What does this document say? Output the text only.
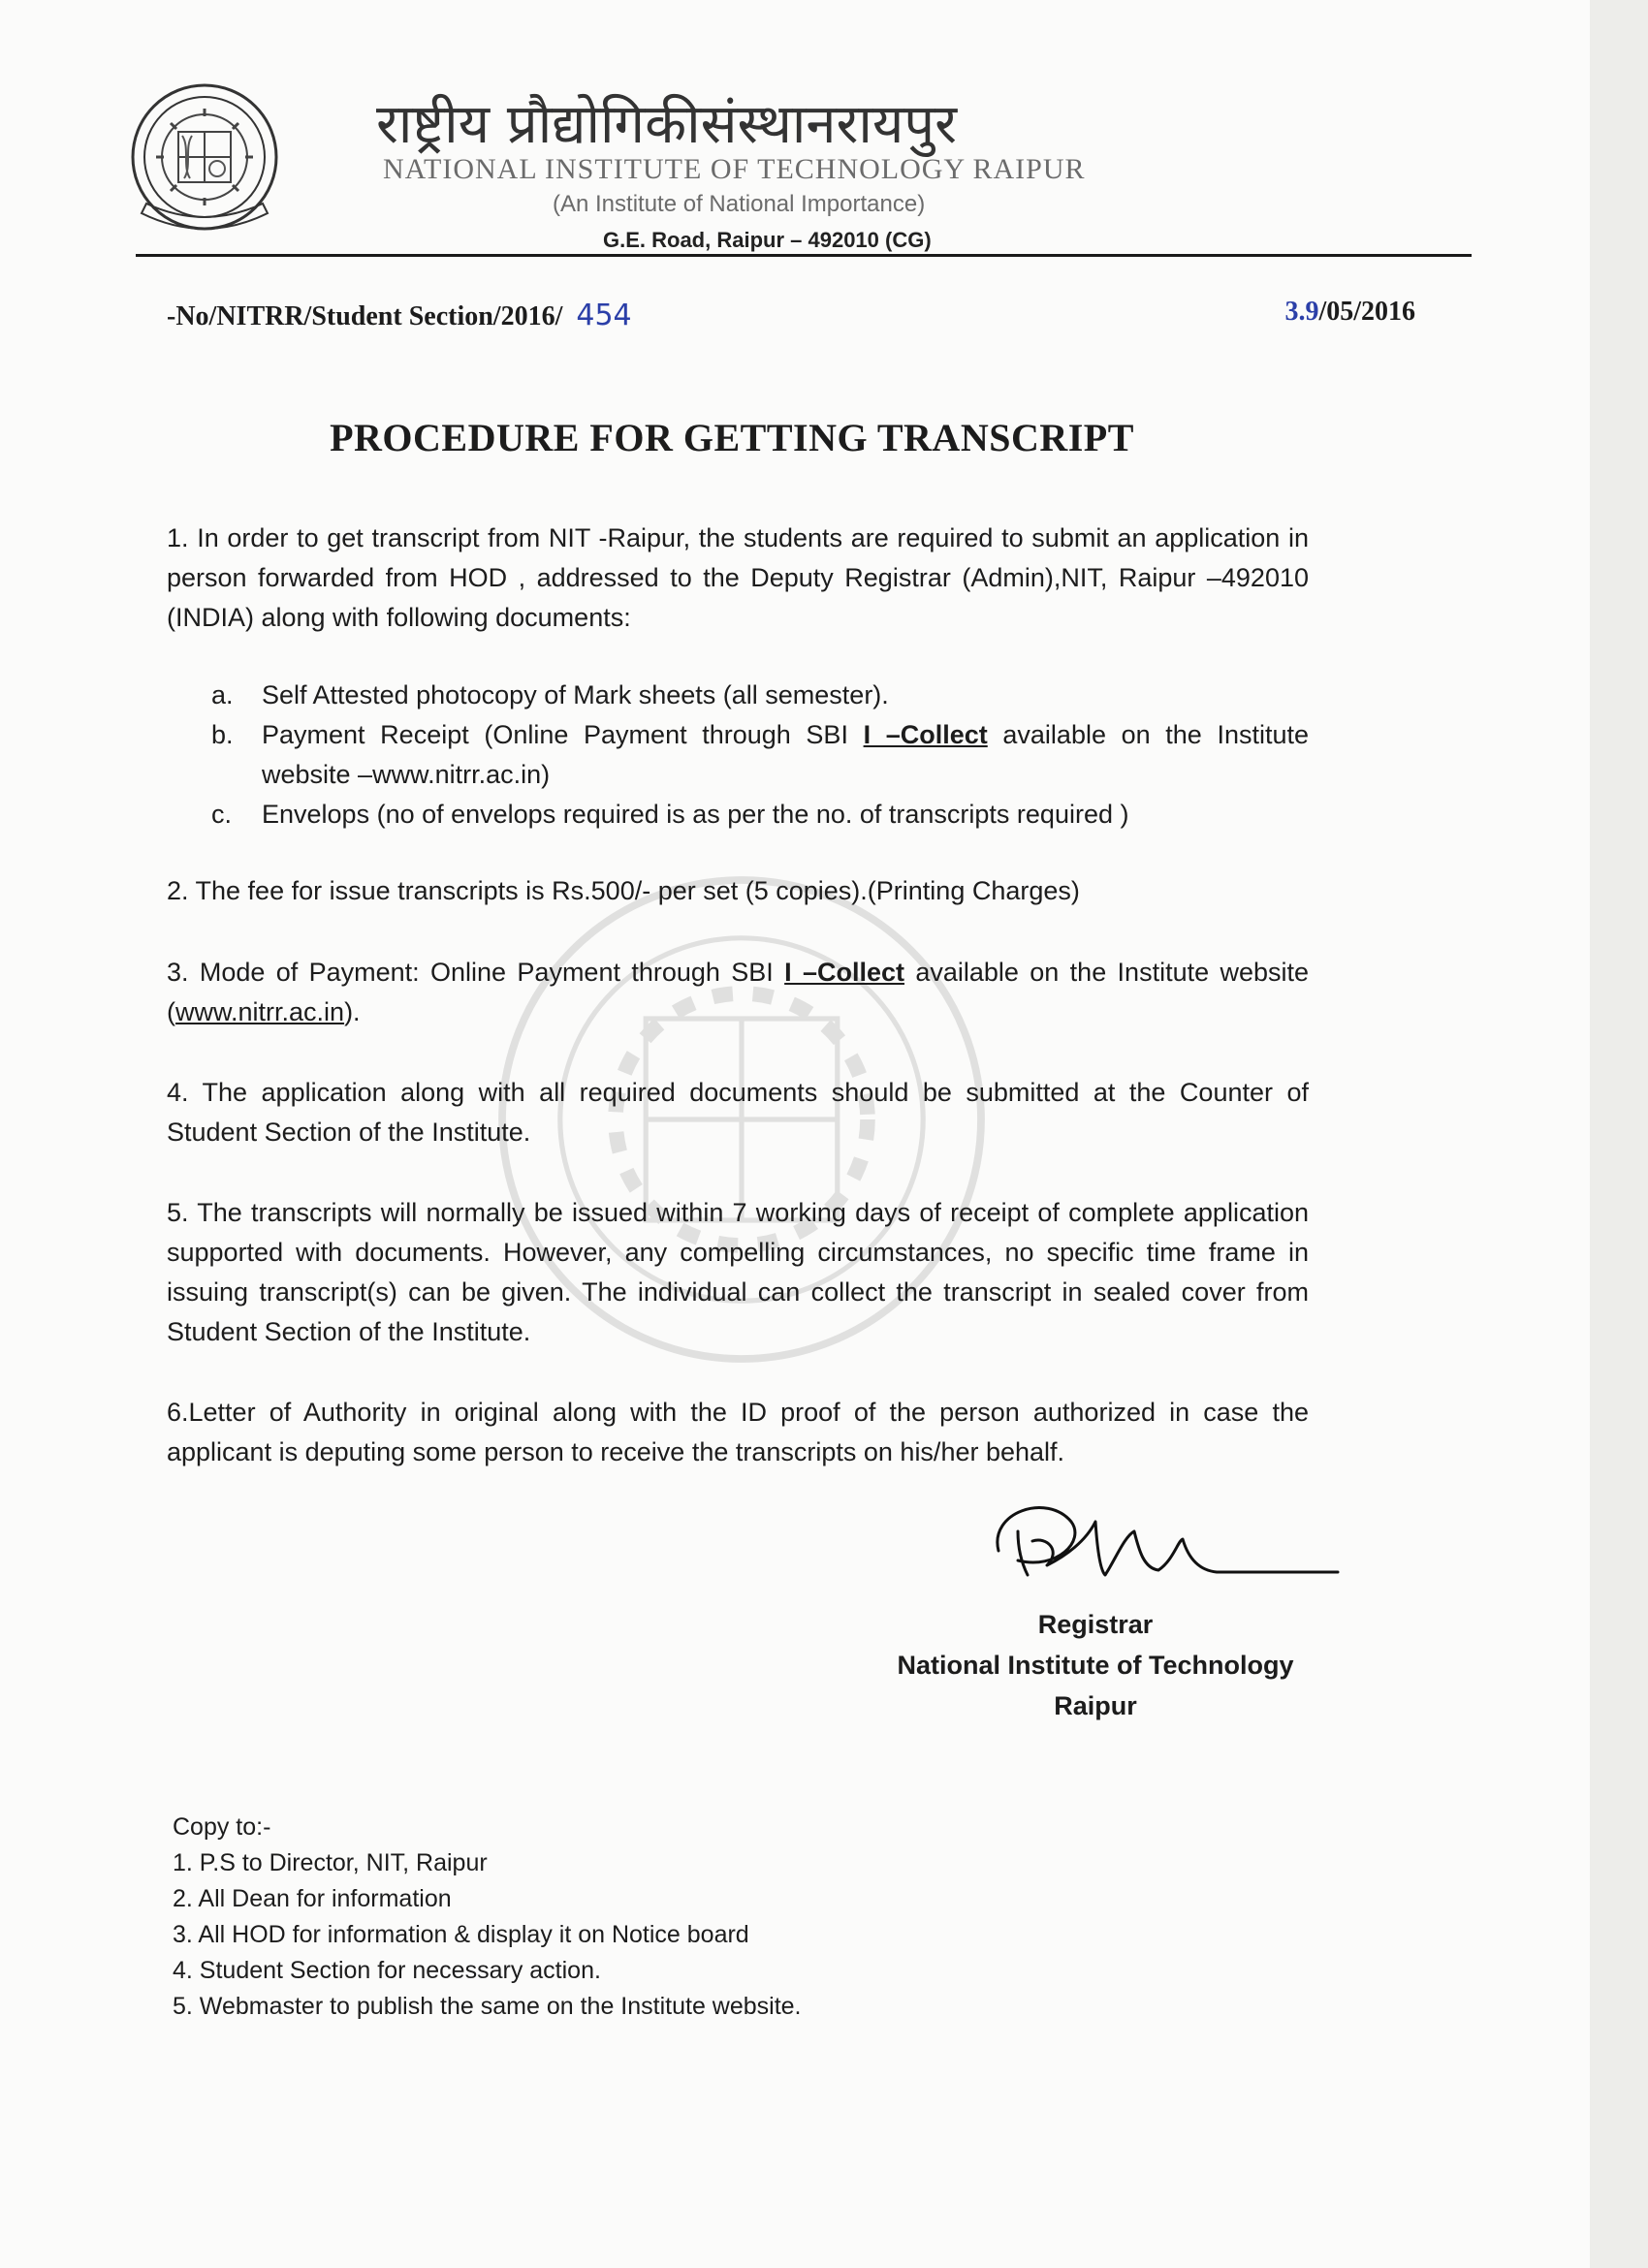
राष्ट्रीय प्रौद्योगिकीसंस्थानरायपुर
NATIONAL INSTITUTE OF TECHNOLOGY RAIPUR
(An Institute of National Importance)
G.E. Road, Raipur – 492010 (CG)
-No/NITRR/Student Section/2016/ 454	3.9/05/2016
PROCEDURE FOR GETTING TRANSCRIPT

1. In order to get transcript from NIT -Raipur, the students are required to submit an application in person forwarded from HOD , addressed to the Deputy Registrar (Admin),NIT, Raipur –492010 (INDIA) along with following documents:

a. Self Attested photocopy of Mark sheets (all semester).
b. Payment Receipt (Online Payment through SBI I –Collect available on the Institute website –www.nitrr.ac.in)
c. Envelops (no of envelops required is as per the no. of transcripts required )

2. The fee for issue transcripts is Rs.500/- per set (5 copies).(Printing Charges)

3. Mode of Payment: Online Payment through SBI I –Collect available on the Institute website (www.nitrr.ac.in).

4. The application along with all required documents should be submitted at the Counter of Student Section of the Institute.

5. The transcripts will normally be issued within 7 working days of receipt of complete application supported with documents. However, any compelling circumstances, no specific time frame in issuing transcript(s) can be given. The individual can collect the transcript in sealed cover from Student Section of the Institute.

6.Letter of Authority in original along with the ID proof of the person authorized in case the applicant is deputing some person to receive the transcripts on his/her behalf.

Registrar
National Institute of Technology
Raipur
Copy to:-
1. P.S to Director, NIT, Raipur
2. All Dean for information
3. All HOD for information & display it on Notice board
4. Student Section for necessary action.
5. Webmaster to publish the same on the Institute website.
